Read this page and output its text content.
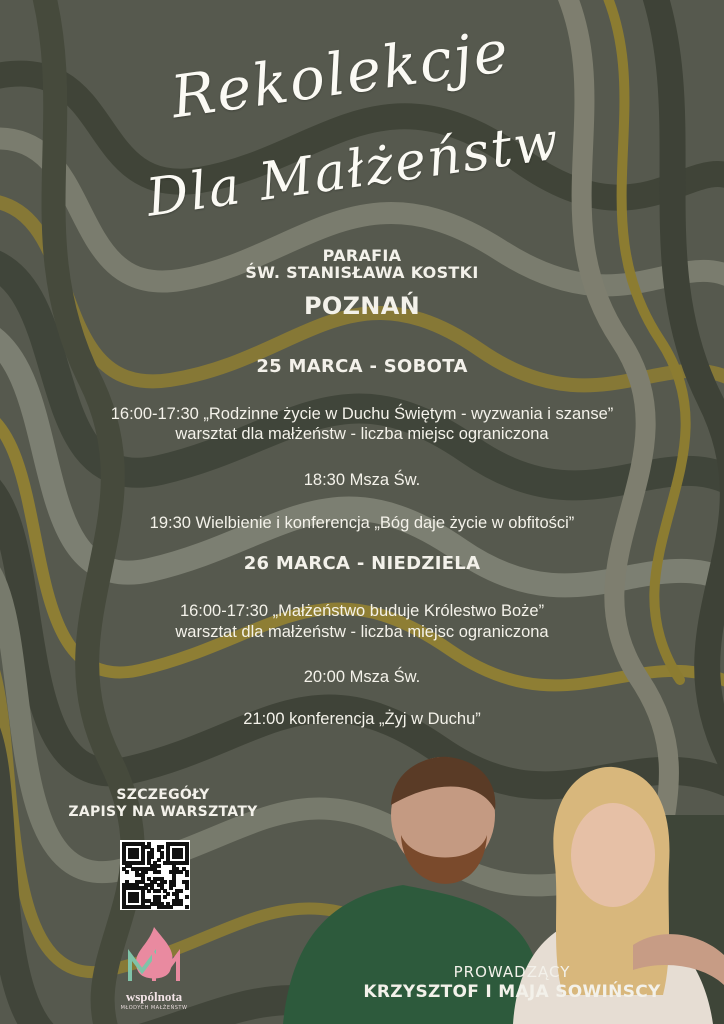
Rekolekcje
Dla Małżeństw
PARAFIA
ŚW. STANISŁAWA KOSTKI
POZNAŃ
25 MARCA - SOBOTA
16:00-17:30 „Rodzinne życie w Duchu Świętym - wyzwania i szanse”
warsztat dla małżeństw - liczba miejsc ograniczona
18:30 Msza Św.
19:30 Wielbienie i konferencja „Bóg daje życie w obfitości”
26 MARCA - NIEDZIELA
16:00-17:30 „Małżeństwo buduje Królestwo Boże”
warsztat dla małżeństw - liczba miejsc ograniczona
20:00 Msza Św.
21:00 konferencja „Żyj w Duchu”
SZCZEGÓŁY
ZAPISY NA WARSZTATY
wspólnota
MŁODYCH MAŁŻEŃSTW
PROWADZĄCY
KRZYSZTOF I MAJA SOWIŃSCY
